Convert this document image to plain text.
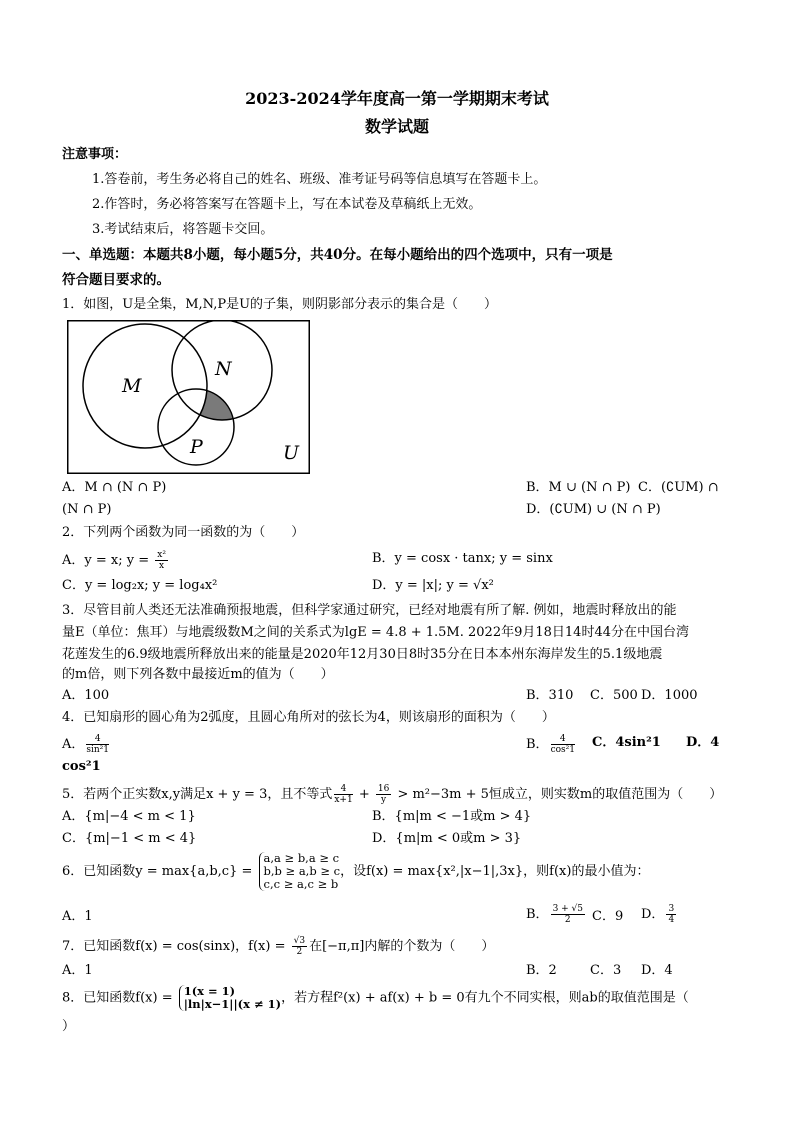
2023-2024学年度高一第一学期期末考试
数学试题
注意事项：
1.答卷前，考生务必将自己的姓名、班级、准考证号码等信息填写在答题卡上。
2.作答时，务必将答案写在答题卡上，写在本试卷及草稿纸上无效。
3.考试结束后，将答题卡交回。
一、单选题：本题共8小题，每小题5分，共40分。在每小题给出的四个选项中，只有一项是
符合题目要求的。
1．如图，U是全集，M,N,P是U的子集，则阴影部分表示的集合是（　　）
M
N
P	U
A．M ∩ (N ∩ P)	B．M ∪ (N ∩ P) C．(∁UM) ∩
(N ∩ P)	D．(∁UM) ∪ (N ∩ P)
2．下列两个函数为同一函数的为（　　）
A．y = x; $y = \frac{\text{x²}}{x}$	B．y = cosx · tanx; y = sinx
C．y = log₂x; y = log₄x²	D．y = |x|; y = √x²
3．尽管目前人类还无法准确预报地震，但科学家通过研究，已经对地震有所了解. 例如，地震时释放出的能
量E（单位：焦耳）与地震级数M之间的关系式为lgE = 4.8 + 1.5M. 2022年9月18日14时44分在中国台湾
花莲发生的6.9级地震所释放出来的能量是2020年12月30日8时35分在日本本州东海岸发生的5.1级地震
的m倍，则下列各数中最接近m的值为（　　）
A．100	B．310 C．500 D．1000
4．已知扇形的圆心角为2弧度，且圆心角所对的弦长为4，则该扇形的面积为（　　）
A． $\frac{4}{\text{sin²1}}$	B． $\frac{4}{\text{cos²1}}$ C．4sin²1 D．4
cos²1
5．若两个正实数x,y满足x + y = 3，且不等式 $\frac{4}{x+1} + \frac{16}{y} > m^2-3m + 5$恒成立，则实数m的取值范围为（　　）
A．{m|−4 < m < 1}	B．{m|m < −1或m > 4}
C．{m|−1 < m < 4}	D．{m|m < 0或m > 3}
6．已知函数y = max{a,b,c} =
a,a ≥ b,a ≥ c
b,b ≥ a,b ≥ c
c,c ≥ a,c ≥ b
，设f(x) = max{x²,|x−1|,3x}，则f(x)的最小值为：
A．1	B． $\frac{3 + √5}{2}$ C．9 D． $\frac{3}{4}$
7．已知函数f(x) = cos(sinx)，$f(x) = \frac{√3}{2}$ 在[−π,π]内解的个数为（　　）
A．1	B．2	C．3 D．4
8．已知函数f(x) = 1(x = 1)
|ln|x−1||(x ≠ 1) ，若方程f²(x) + af(x) + b = 0有九个不同实根，则ab的取值范围是（
）
